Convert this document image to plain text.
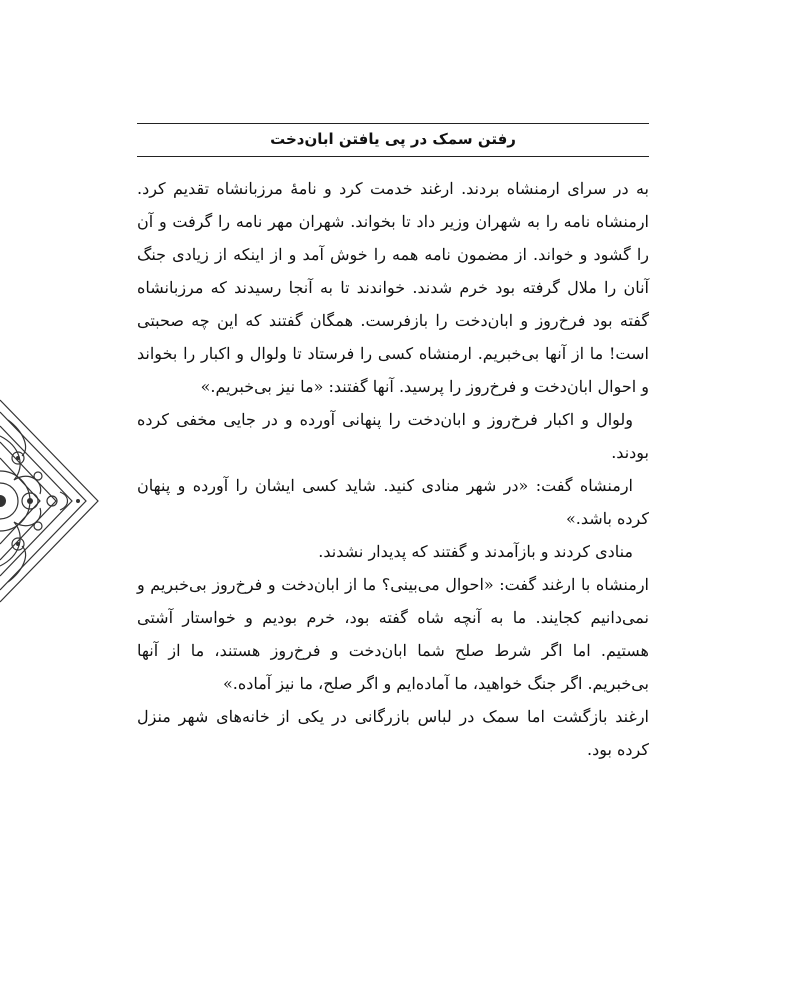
رفتن سمک در پی یافتن ابان‌دخت

به در سرای ارمنشاه بردند. ارغند خدمت کرد و نامهٔ مرزبانشاه تقدیم کرد. ارمنشاه نامه را به شهران وزیر داد تا بخواند. شهران مهر نامه را گرفت و آن را گشود و خواند. از مضمون نامه همه را خوش آمد و از اینکه از زیادی جنگ آنان را ملال گرفته بود خرم شدند. خواندند تا به آنجا رسیدند که مرزبانشاه گفته بود فرخ‌روز و ابان‌دخت را بازفرست. همگان گفتند که این چه صحبتی است! ما از آنها بی‌خبریم. ارمنشاه کسی را فرستاد تا ولوال و اکبار را بخواند و احوال ابان‌دخت و فرخ‌روز را پرسید. آنها گفتند: «ما نیز بی‌خبریم.»

ولوال و اکبار فرخ‌روز و ابان‌دخت را پنهانی آورده و در جایی مخفی کرده بودند.

ارمنشاه گفت: «در شهر منادی کنید. شاید کسی ایشان را آورده و پنهان کرده باشد.»

منادی کردند و بازآمدند و گفتند که پدیدار نشدند.

ارمنشاه با ارغند گفت: «احوال می‌بینی؟ ما از ابان‌دخت و فرخ‌روز بی‌خبریم و نمی‌دانیم کجایند. ما به آنچه شاه گفته بود، خرم بودیم و خواستار آشتی هستیم. اما اگر شرط صلح شما ابان‌دخت و فرخ‌روز هستند، ما از آنها بی‌خبریم. اگر جنگ خواهید، ما آماده‌ایم و اگر صلح، ما نیز آماده.»

ارغند بازگشت اما سمک در لباس بازرگانی در یکی از خانه‌های شهر منزل کرده بود.
